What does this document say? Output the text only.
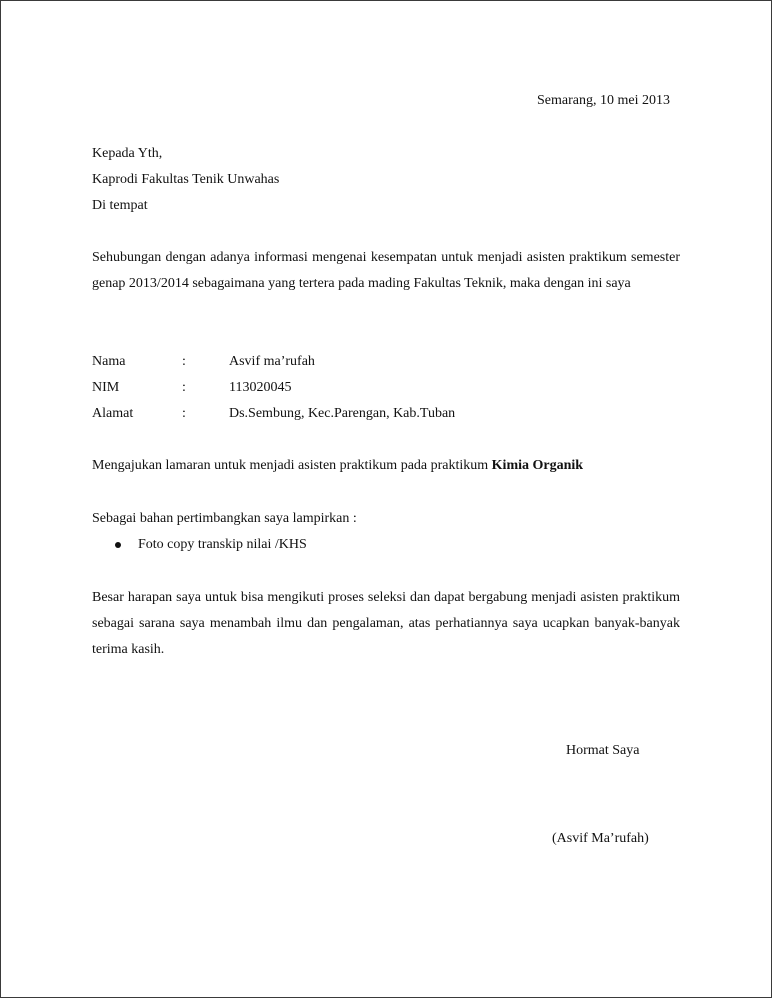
Semarang, 10 mei 2013
Kepada Yth,
Kaprodi Fakultas Tenik Unwahas
Di tempat
Sehubungan dengan adanya informasi mengenai kesempatan untuk menjadi asisten praktikum semester genap 2013/2014 sebagaimana yang tertera pada mading Fakultas Teknik, maka dengan ini saya
Nama	:	Asvif ma’rufah
NIM	:	113020045
Alamat	:	Ds.Sembung, Kec.Parengan, Kab.Tuban
Mengajukan lamaran untuk menjadi asisten praktikum pada praktikum Kimia Organik
Sebagai bahan pertimbangkan saya lampirkan :
Foto copy transkip nilai /KHS
Besar harapan saya untuk bisa mengikuti proses seleksi dan dapat bergabung menjadi asisten praktikum sebagai sarana saya menambah ilmu dan pengalaman, atas perhatiannya saya ucapkan banyak-banyak terima kasih.
Hormat Saya
(Asvif Ma’rufah)
